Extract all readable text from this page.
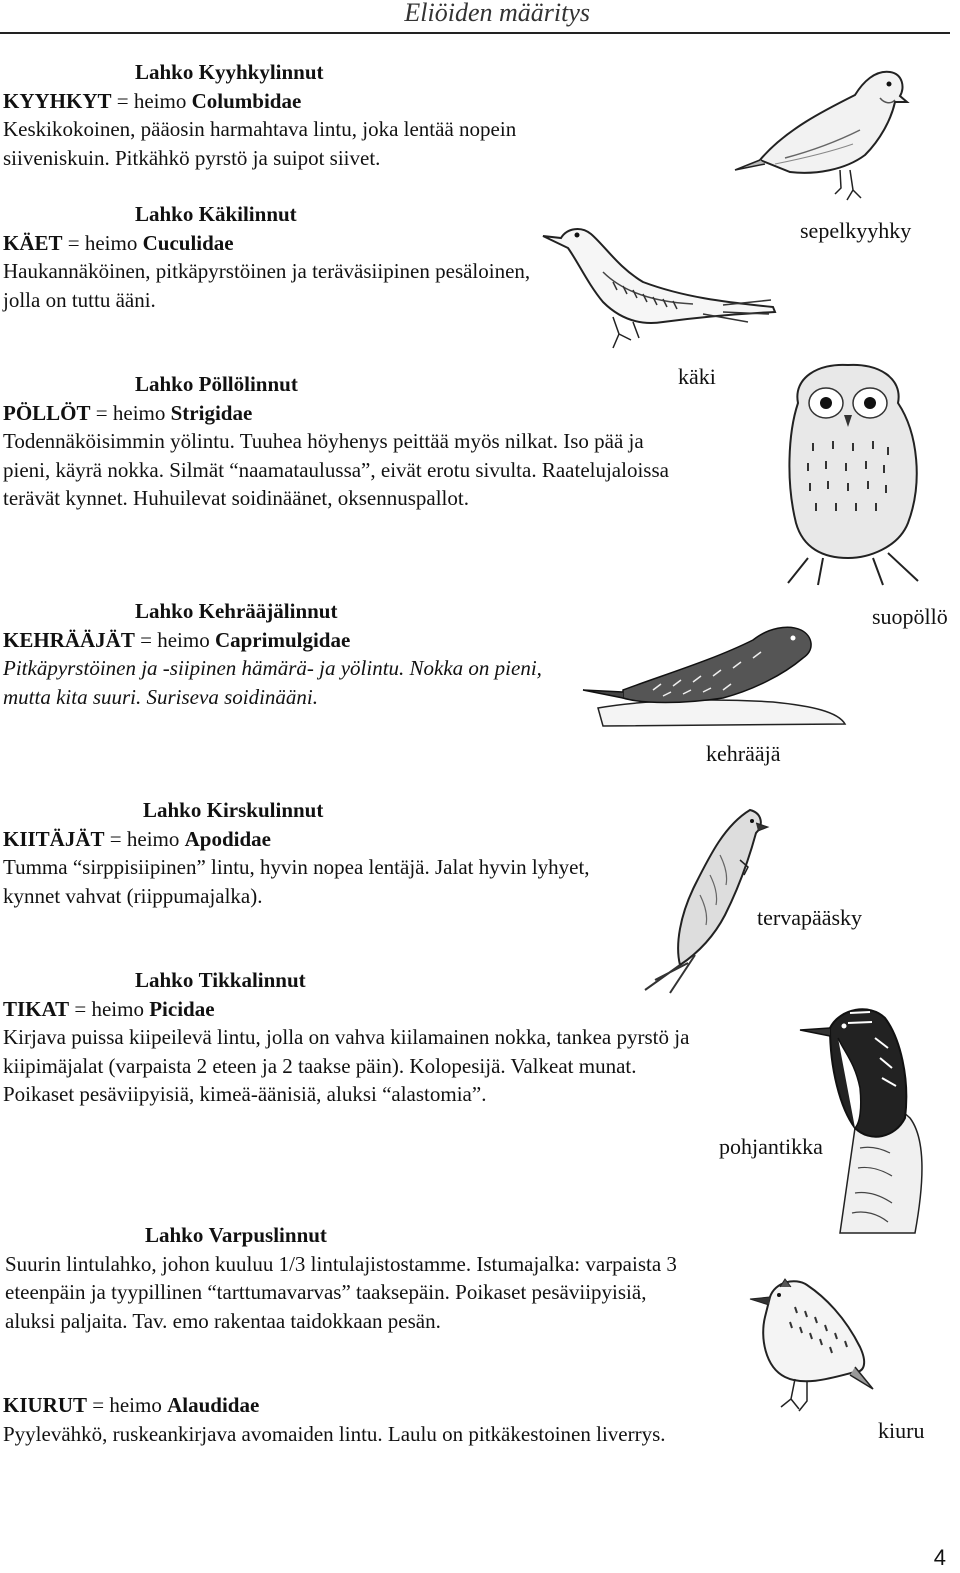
Eliöiden määritys

Lahko Kyyhkylinnut

KYYHKYT = heimo Columbidae

Keskikokoinen, pääosin harmahtava lintu, joka lentää nopein siiveniskuin. Pitkähkö pyrstö ja suipot siivet.

Lahko Käkilinnut

KÄET = heimo Cuculidae

Haukannäköinen, pitkäpyrstöinen ja teräväsiipinen pesäloinen, jolla on tuttu ääni.

Lahko Pöllölinnut

PÖLLÖT = heimo Strigidae

Todennäköisimmin yölintu. Tuuhea höyhenys peittää myös nilkat. Iso pää ja pieni, käyrä nokka. Silmät “naamataulussa”, eivät erotu sivulta. Raatelujaloissa terävät kynnet. Huhuilevat soidinäänet, oksennuspallot.

Lahko Kehrääjälinnut

KEHRÄÄJÄT = heimo Caprimulgidae

Pitkäpyrstöinen ja -siipinen hämärä- ja yölintu. Nokka on pieni, mutta kita suuri. Suriseva soidinääni.

Lahko Kirskulinnut

KIITÄJÄT = heimo Apodidae

Tumma “sirppisiipinen” lintu, hyvin nopea lentäjä. Jalat hyvin lyhyet, kynnet vahvat (riippumajalka).

Lahko Tikkalinnut

TIKAT = heimo Picidae

Kirjava puissa kiipeilevä lintu, jolla on vahva kiilamainen nokka, tankea pyrstö ja kiipimäjalat (varpaista 2 eteen ja 2 taakse päin). Kolopesijä. Valkeat munat. Poikaset pesäviipyisiä, kimeä-äänisiä, aluksi “alastomia”.

Lahko Varpuslinnut

Suurin lintulahko, johon kuuluu 1/3 lintulajistostamme. Istumajalka: varpaista 3 eteenpäin ja tyypillinen “tarttumavarvas” taaksepäin. Poikaset pesäviipyisiä, aluksi paljaita. Tav. emo rakentaa taidokkaan pesän.

KIURUT = heimo Alaudidae

Pyylevähkö, ruskeankirjava avomaiden lintu. Laulu on pitkäkestoinen liverrys.

sepelkyyhky
käki
suopöllö
kehrääjä
tervapääsky
pohjantikka
kiuru
4
